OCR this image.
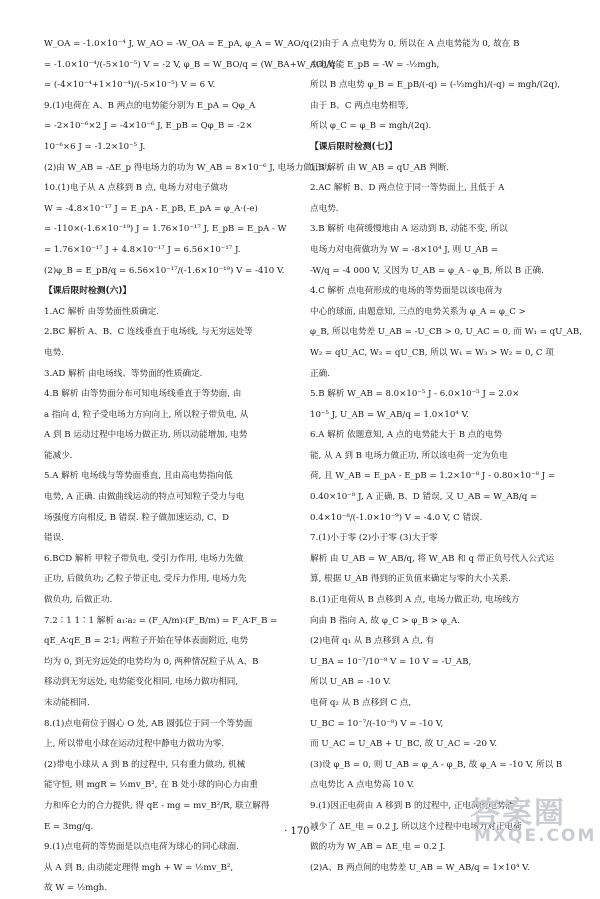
W_OA = -1.0×10⁻⁴ J, W_AO = -W_OA = E_pA, φ_A = W_AO/q
= -1.0×10⁻⁴/(-5×10⁻⁵) V = -2 V, φ_B = W_BO/q = (W_BA+W_AO)/q
= (-4×10⁻⁴+1×10⁻⁴)/(-5×10⁻⁵) V = 6 V.
9.(1)电荷在 A、B 两点的电势能分别为 E_pA = Qφ_A
= -2×10⁻⁶×2 J = -4×10⁻⁶ J, E_pB = Qφ_B = -2×
10⁻⁶×6 J = -1.2×10⁻⁵ J.
(2)由 W_AB = -ΔE_p 得电场力的功为 W_AB = 8×10⁻⁶ J, 电场力做正功.
10.(1)电子从 A 点移到 B 点, 电场力对电子做功
W = -4.8×10⁻¹⁷ J = E_pA - E_pB, E_pA = φ_A·(-e)
= -110×(-1.6×10⁻¹⁹) J = 1.76×10⁻¹⁷ J, E_pB = E_pA - W
= 1.76×10⁻¹⁷ J + 4.8×10⁻¹⁷ J = 6.56×10⁻¹⁷ J.
(2)φ_B = E_pB/q = 6.56×10⁻¹⁷/(-1.6×10⁻¹⁹) V = -410 V.
【课后限时检测(六)】
1.AC 解析 由等势面性质确定.
2.BC 解析 A、B、C 连线垂直于电场线, 与无穷远处等
电势.
3.AD 解析 由电场线、等势面的性质确定.
4.B 解析 由等势面分布可知电场线垂直于等势面, 由
a 指向 d, 粒子受电场力方向向上, 所以粒子带负电, 从
A 到 B 运动过程中电场力做正功, 所以动能增加, 电势
能减少.
5.A 解析 电场线与等势面垂直, 且由高电势指向低
电势, A 正确. 由做曲线运动的特点可知粒子受力与电
场强度方向相反, B 错误. 粒子做加速运动, C、D
错误.
6.BCD 解析 甲粒子带负电, 受引力作用, 电场力先做
正功, 后做负功; 乙粒子带正电, 受斥力作用, 电场力先
做负功, 后做正功.
7.2∶1 1∶1 解析 a₁∶a₂ = (F_A/m)∶(F_B/m) = F_A∶F_B =
qE_A∶qE_B = 2∶1; 两粒子开始在导体表面附近, 电势
均为 0, 到无穷远处的电势均为 0, 两种情况粒子从 A、B
移动到无穷远处, 电势能变化相同, 电场力做功相同,
末动能相同.
8.(1)点电荷位于圆心 O 处, AB 圆弧位于同一个等势面
上, 所以带电小球在运动过程中静电力做功为零.
(2)带电小球从 A 到 B 的过程中, 只有重力做功, 机械
能守恒, 则 mgR = ½mv_B², 在 B 处小球的向心力由重
力和库仑力的合力提供, 得 qE - mg = mv_B²/R, 联立解得
E = 3mg/q.
9.(1)点电荷的等势面是以点电荷为球心的同心球面.
从 A 到 B, 由动能定理得 mgh + W = ½mv_B²,
故 W = ½mgh.
(2)由于 A 点电势为 0, 所以在 A 点电势能为 0, 故在 B
点电势能 E_pB = -W = -½mgh,
所以 B 点电势 φ_B = E_pB/(-q) = (-½mgh)/(-q) = mgh/(2q),
由于 B、C 两点电势相等,
所以 φ_C = φ_B = mgh/(2q).
【课后限时检测(七)】
1.B 解析 由 W_AB = qU_AB 判断.
2.AC 解析 B、D 两点位于同一等势面上, 且低于 A
点电势.
3.B 解析 电荷缓慢地由 A 运动到 B, 动能不变, 所以
电场力对电荷做功为 W = -8×10⁴ J, 则 U_AB =
-W/q = -4 000 V, 又因为 U_AB = φ_A - φ_B, 所以 B 正确.
4.C 解析 点电荷形成的电场的等势面是以该电荷为
中心的球面, 由题意知, 三点的电势关系为 φ_A = φ_C >
φ_B, 所以电势差 U_AB = -U_CB > 0, U_AC = 0, 而 W₁ = qU_AB,
W₂ = qU_AC, W₃ = qU_CB, 所以 W₁ = W₃ > W₂ = 0, C 项
正确.
5.B 解析 W_AB = 8.0×10⁻⁵ J - 6.0×10⁻⁵ J = 2.0×
10⁻⁵ J, U_AB = W_AB/q = 1.0×10⁴ V.
6.A 解析 依题意知, A 点的电势能大于 B 点的电势
能, 从 A 到 B 电场力做正功, 所以该电荷一定为负电
荷, 且 W_AB = E_pA - E_pB = 1.2×10⁻⁸ J - 0.80×10⁻⁸ J =
0.40×10⁻⁸ J, A 正确, B、D 错误, 又 U_AB = W_AB/q =
0.4×10⁻⁸/(-1.0×10⁻⁹) V = -4.0 V, C 错误.
7.(1)小于零 (2)小于零 (3)大于零
解析 由 U_AB = W_AB/q, 将 W_AB 和 q 带正负号代入公式运
算, 根据 U_AB 得到的正负值来确定与零的大小关系.
8.(1)正电荷从 B 点移到 A 点, 电场力做正功, 电场线方
向由 B 指向 A, 故 φ_C > φ_B > φ_A.
(2)电荷 q₁ 从 B 点移到 A 点, 有
U_BA = 10⁻⁷/10⁻⁸ V = 10 V = -U_AB,
所以 U_AB = -10 V.
电荷 q₂ 从 B 点移到 C 点,
U_BC = 10⁻⁷/(-10⁻⁸) V = -10 V,
而 U_AC = U_AB + U_BC, 故 U_AC = -20 V.
(3)设 φ_B = 0, 则 U_AB = φ_A - φ_B, 故 φ_A = -10 V, 所以 B
点电势比 A 点电势高 10 V.
9.(1)因正电荷由 A 移到 B 的过程中, 正电荷的电势能
减少了 ΔE_电 = 0.2 J, 所以这个过程中电场力对正电荷
做的功为 W_AB = ΔE_电 = 0.2 J.
(2)A、B 两点间的电势差 U_AB = W_AB/q = 1×10⁴ V.
· 170 ·
答案圈
MXQE.COM
